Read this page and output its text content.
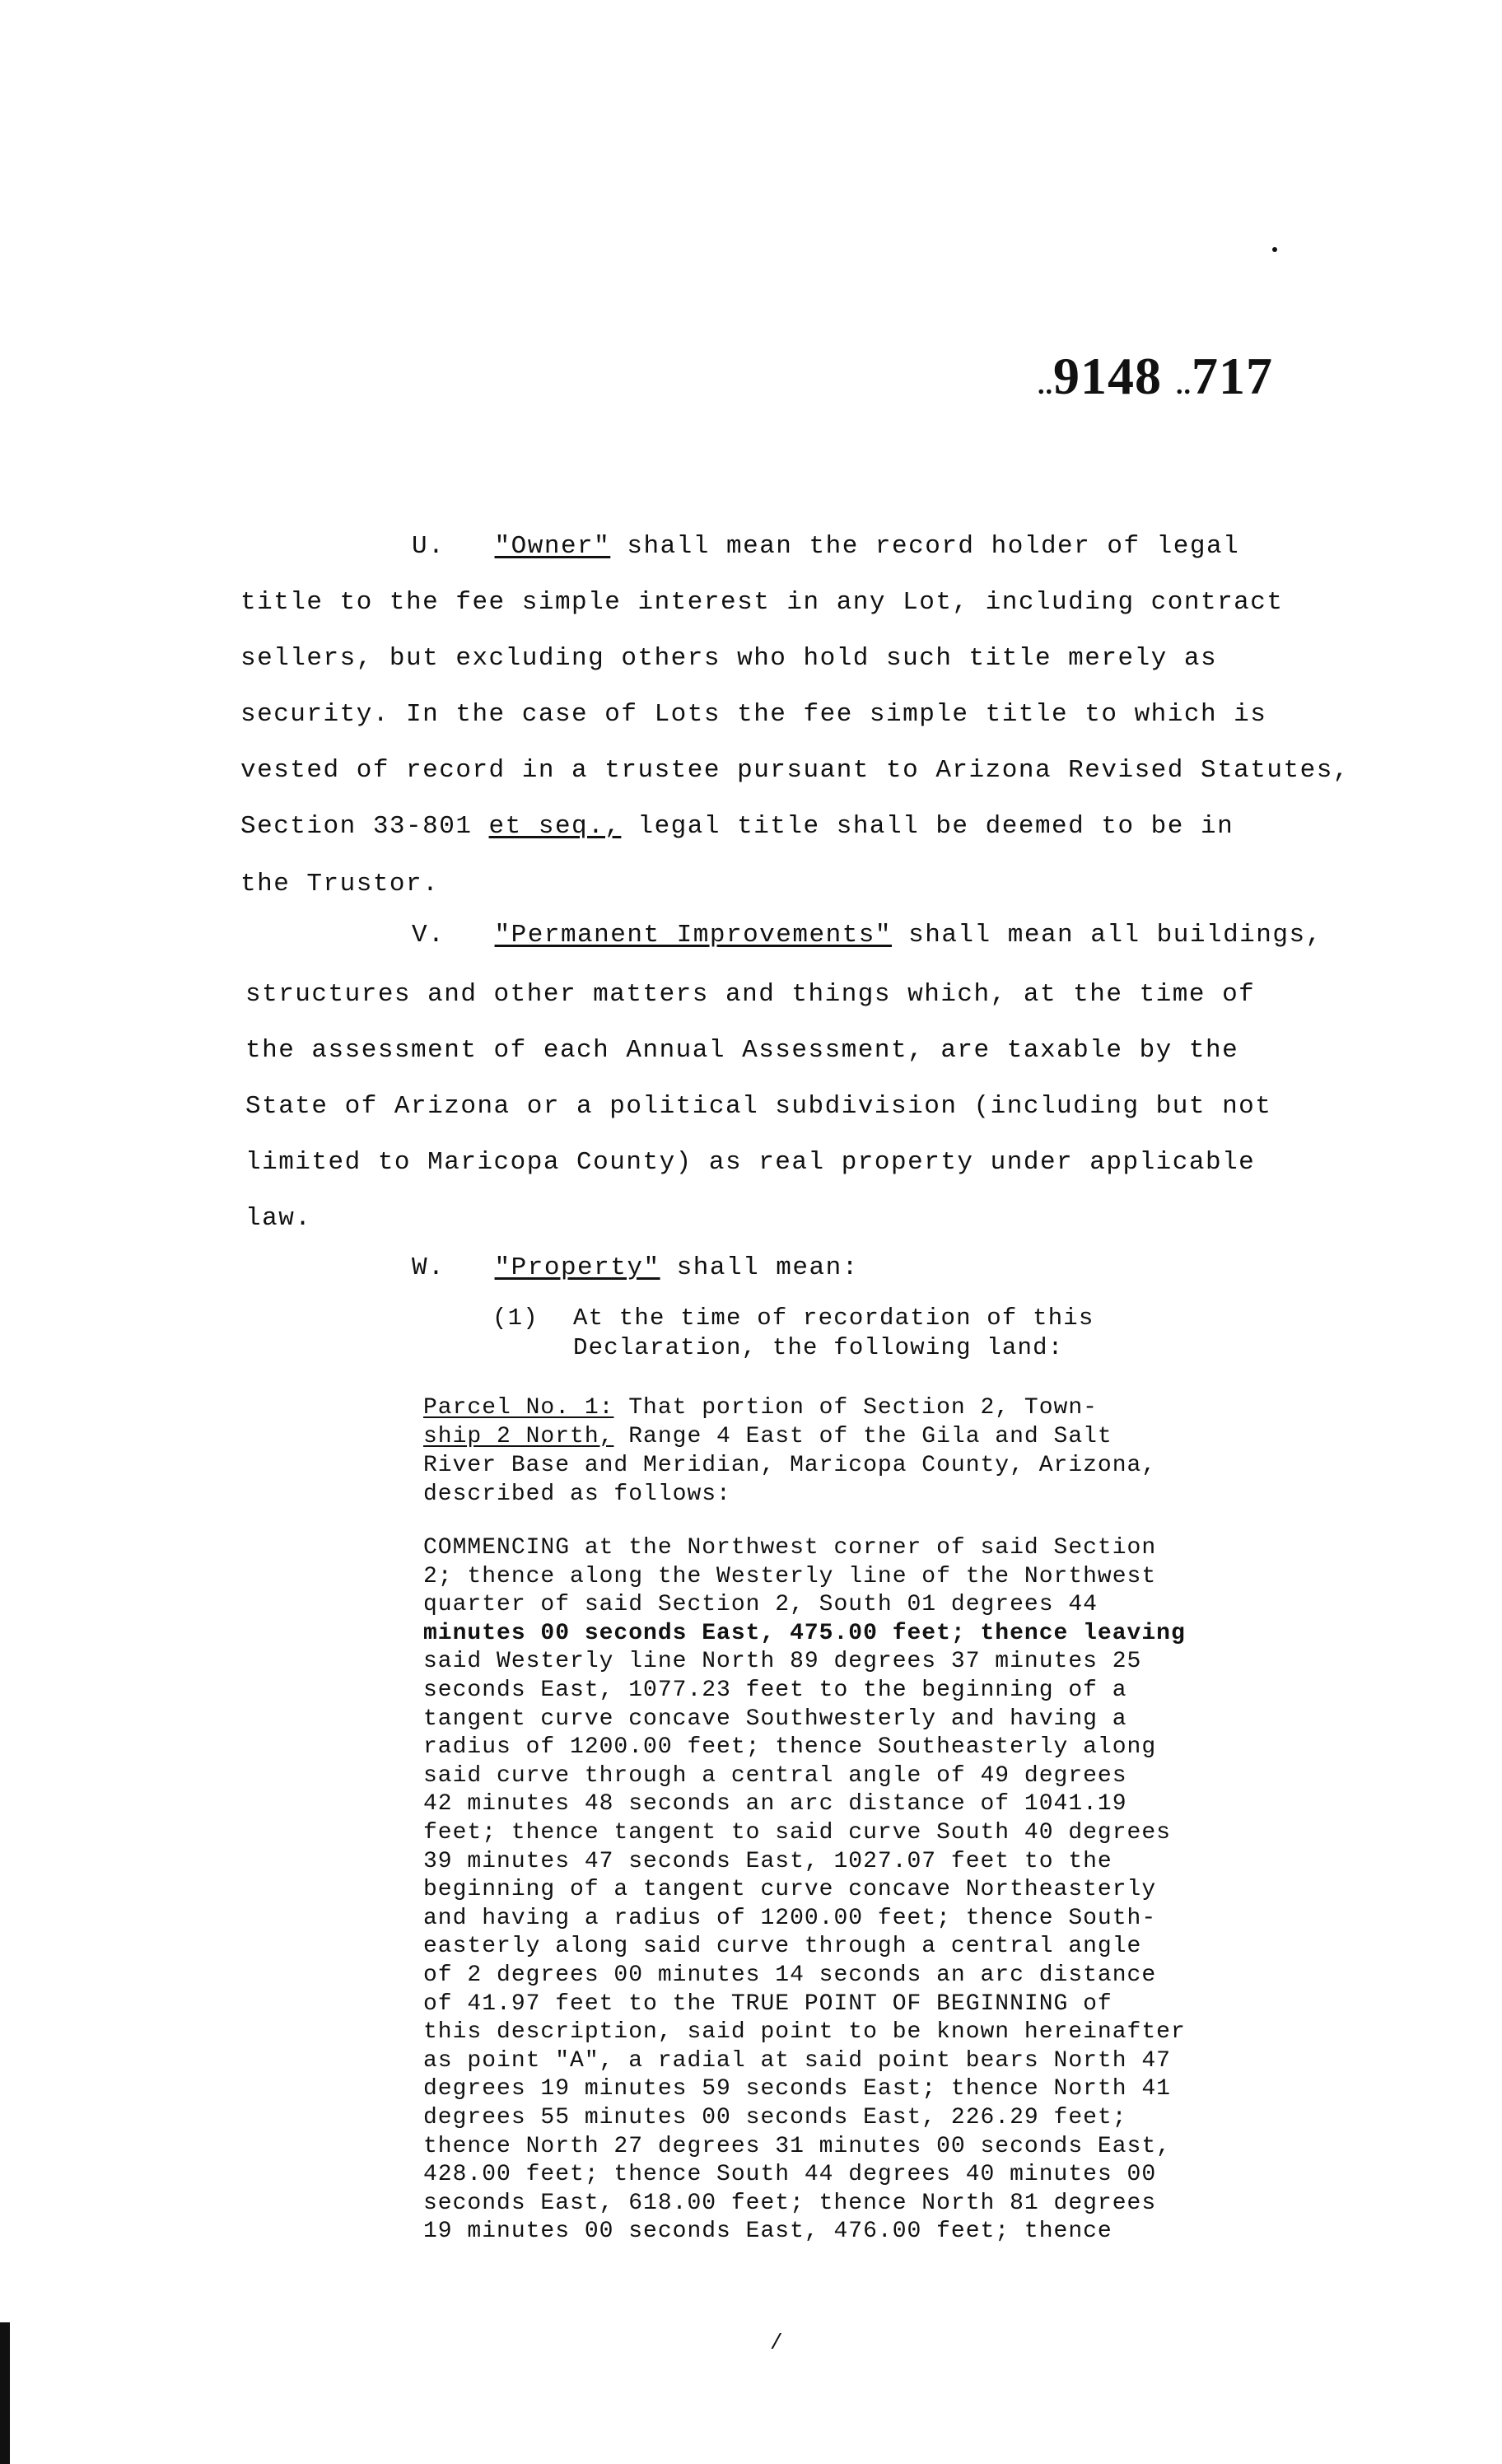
..9148 ..717
U. "Owner" shall mean the record holder of legal
title to the fee simple interest in any Lot, including contract
sellers, but excluding others who hold such title merely as
security. In the case of Lots the fee simple title to which is
vested of record in a trustee pursuant to Arizona Revised Statutes,
Section 33-801 et seq., legal title shall be deemed to be in
the Trustor.
V. "Permanent Improvements" shall mean all buildings,
structures and other matters and things which, at the time of
the assessment of each Annual Assessment, are taxable by the
State of Arizona or a political subdivision (including but not
limited to Maricopa County) as real property under applicable
law.
W. "Property" shall mean:
(1) At the time of recordation of this
Declaration, the following land:
Parcel No. 1: That portion of Section 2, Town-
ship 2 North, Range 4 East of the Gila and Salt
River Base and Meridian, Maricopa County, Arizona,
described as follows:
COMMENCING at the Northwest corner of said Section
2; thence along the Westerly line of the Northwest
quarter of said Section 2, South 01 degrees 44
minutes 00 seconds East, 475.00 feet; thence leaving
said Westerly line North 89 degrees 37 minutes 25
seconds East, 1077.23 feet to the beginning of a
tangent curve concave Southwesterly and having a
radius of 1200.00 feet; thence Southeasterly along
said curve through a central angle of 49 degrees
42 minutes 48 seconds an arc distance of 1041.19
feet; thence tangent to said curve South 40 degrees
39 minutes 47 seconds East, 1027.07 feet to the
beginning of a tangent curve concave Northeasterly
and having a radius of 1200.00 feet; thence South-
easterly along said curve through a central angle
of 2 degrees 00 minutes 14 seconds an arc distance
of 41.97 feet to the TRUE POINT OF BEGINNING of
this description, said point to be known hereinafter
as point "A", a radial at said point bears North 47
degrees 19 minutes 59 seconds East; thence North 41
degrees 55 minutes 00 seconds East, 226.29 feet;
thence North 27 degrees 31 minutes 00 seconds East,
428.00 feet; thence South 44 degrees 40 minutes 00
seconds East, 618.00 feet; thence North 81 degrees
19 minutes 00 seconds East, 476.00 feet; thence
/
